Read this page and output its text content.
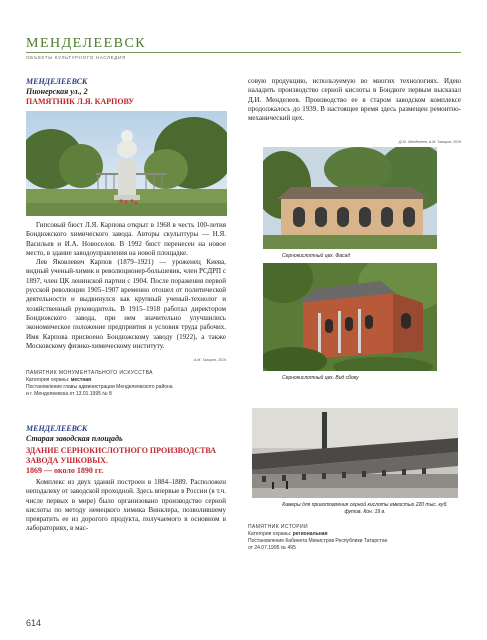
МЕНДЕЛЕЕВСК
ОБЪЕКТЫ КУЛЬТУРНОГО НАСЛЕДИЯ
МЕНДЕЛЕЕВСК
Пионерская ул., 2
ПАМЯТНИК Л.Я. КАРПОВУ

Гипсовый бюст Л.Я. Карпова открыт в 1968 в честь 100-летия Бондюжского химического завода. Авторы скульптуры — Н.Я. Васильев и И.А. Новоселов. В 1992 бюст перенесен на новое место, в здание заводоуправления на новой площадке.

Лев Яковлевич Карпов (1879–1921) — уроженец Киева, видный ученый-химик и революционер-большевик, член РСДРП с 1897, член ЦК ленинской партии с 1904. После поражения первой русской революции 1905–1907 временно отошел от политической деятельности и выдвинулся как крупный ученый-технолог и хозяйственный руководитель. В 1915–1918 работал директором Бондюжского завода, при нем значительно улучшились экономическое положение предприятия и условия труда рабочих. Имя Карпова присвоено Бондюжскому заводу (1922), а также Московскому физико-химическому институту.

А.М. Тагиров, 2019
ПАМЯТНИК МОНУМЕНТАЛЬНОГО ИСКУССТВА
Категория охраны: местная
Постановление главы администрации Менделеевского района
и г. Менделеевска от 13.01.1995 № 8
МЕНДЕЛЕЕВСК
Старая заводская площадь
ЗДАНИЕ СЕРНОКИСЛОТНОГО ПРОИЗВОДСТВА ЗАВОДА УШКОВЫХ.
1869 — около 1890 гг.

Комплекс из двух зданий построен в 1884–1889. Расположен неподалеку от заводской проходной. Здесь впервые в России (в т.ч. числе первых в мире) было организовано производство серной кислоты по методу немецкого химика Винклера, позволившему превратить ее из дорогого продукта, получаемого в основном в лабораториях, в мас-

совую продукцию, используемую во многих технологиях. Идею наладить производство серной кислоты в Бондюге первым высказал Д.И. Менделеев. Производство ее в старом заводском комплексе продолжалось до 1939. В настоящее время здесь размещен ремонтно-механический цех.
Д.Ю. Менделеев, А.М. Тагиров, 2019
Сернокислотный цех. Фасад
Сернокислотный цех. Вид сбоку
Камеры для приготовления серной кислоты емкостью 220 тыс. куб. футов. Кон. 19 в.
ПАМЯТНИК ИСТОРИИ
Категория охраны: региональная
Постановление Кабинета Министров Республики Татарстан
от 24.07.1995 № 495
614
